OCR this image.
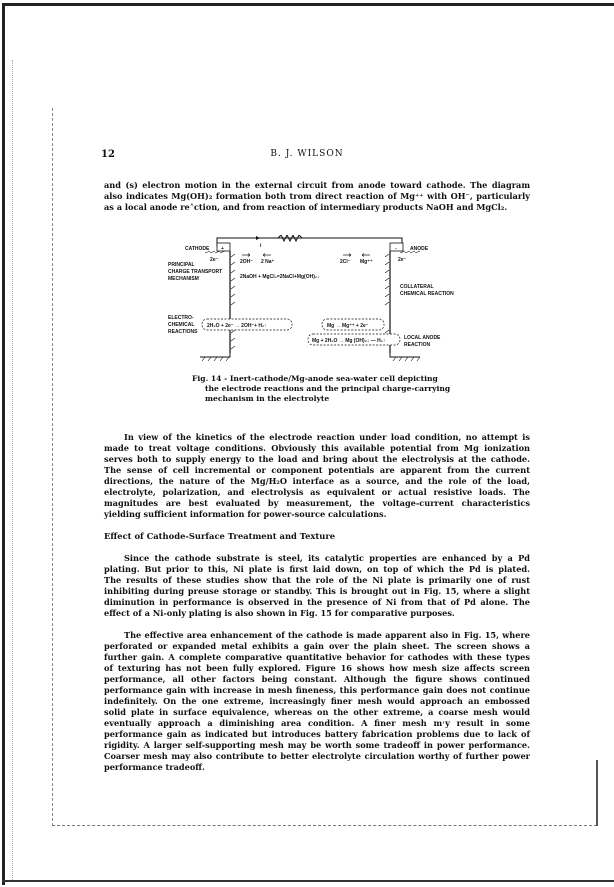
12	B. J. WILSON
and (s) electron motion in the external circuit from anode toward cathode. The diagram
also indicates Mg(OH)₂ formation both trom direct reaction of Mg⁺⁺ with OH⁻, particularly
as a local anode re˄ction, and from reaction of intermediary products NaOH and MgCl₂.
i
+
CATHODE	-	ANODE
2e⁻	2e⁻
2OH⁻ 2 Na⁺	2Cl⁻ Mg⁺⁺
2NaOH + MgCl₂=2NaCl+Mg(OH)₂↓
PRINCIPAL
CHARGE TRANSPORT
MECHANISM
COLLATERAL
CHEMICAL REACTION
ELECTRO-
CHEMICAL
REACTIONS
2H₂O + 2e⁻ → 2OH⁻+ H₂↑	Mg → Mg⁺⁺ + 2e⁻
Mg + 2H₂O → Mg (OH)₂↓ — H₂↑	LOCAL ANODE
REACTION
Fig. 14 - Inert-cathode/Mg-anode sea-water cell depicting
the electrode reactions and the principal charge-carrying
mechanism in the electrolyte
In view of the kinetics of the electrode reaction under load condition, no attempt is
made to treat voltage conditions. Obviously this available potential from Mg ionization
serves both to supply energy to the load and bring about the electrolysis at the cathode.
The sense of cell incremental or component potentials are apparent from the current
directions, the nature of the Mg/H₂O interface as a source, and the role of the load,
electrolyte, polarization, and electrolysis as equivalent or actual resistive loads. The
magnitudes are best evaluated by measurement, the voltage-current characteristics
yielding sufficient information for power-source calculations.
Effect of Cathode-Surface Treatment and Texture
Since the cathode substrate is steel, its catalytic properties are enhanced by a Pd
plating. But prior to this, Ni plate is first laid down, on top of which the Pd is plated.
The results of these studies show that the role of the Ni plate is primarily one of rust
inhibiting during preuse storage or standby. This is brought out in Fig. 15, where a slight
diminution in performance is observed in the presence of Ni from that of Pd alone. The
effect of a Ni-only plating is also shown in Fig. 15 for comparative purposes.
The effective area enhancement of the cathode is made apparent also in Fig. 15, where
perforated or expanded metal exhibits a gain over the plain sheet. The screen shows a
further gain. A complete comparative quantitative behavior for cathodes with these types
of texturing has not been fully explored. Figure 16 shows how mesh size affects screen
performance, all other factors being constant. Although the figure shows continued
performance gain with increase in mesh fineness, this performance gain does not continue
indefinitely. On the one extreme, increasingly finer mesh would approach an embossed
solid plate in surface equivalence, whereas on the other extreme, a coarse mesh would
eventually approach a diminishing area condition. A finer mesh m˓y result in some
performance gain as indicated but introduces battery fabrication problems due to lack of
rigidity. A larger self-supporting mesh may be worth some tradeoff in power performance.
Coarser mesh may also contribute to better electrolyte circulation worthy of further power
performance tradeoff.
